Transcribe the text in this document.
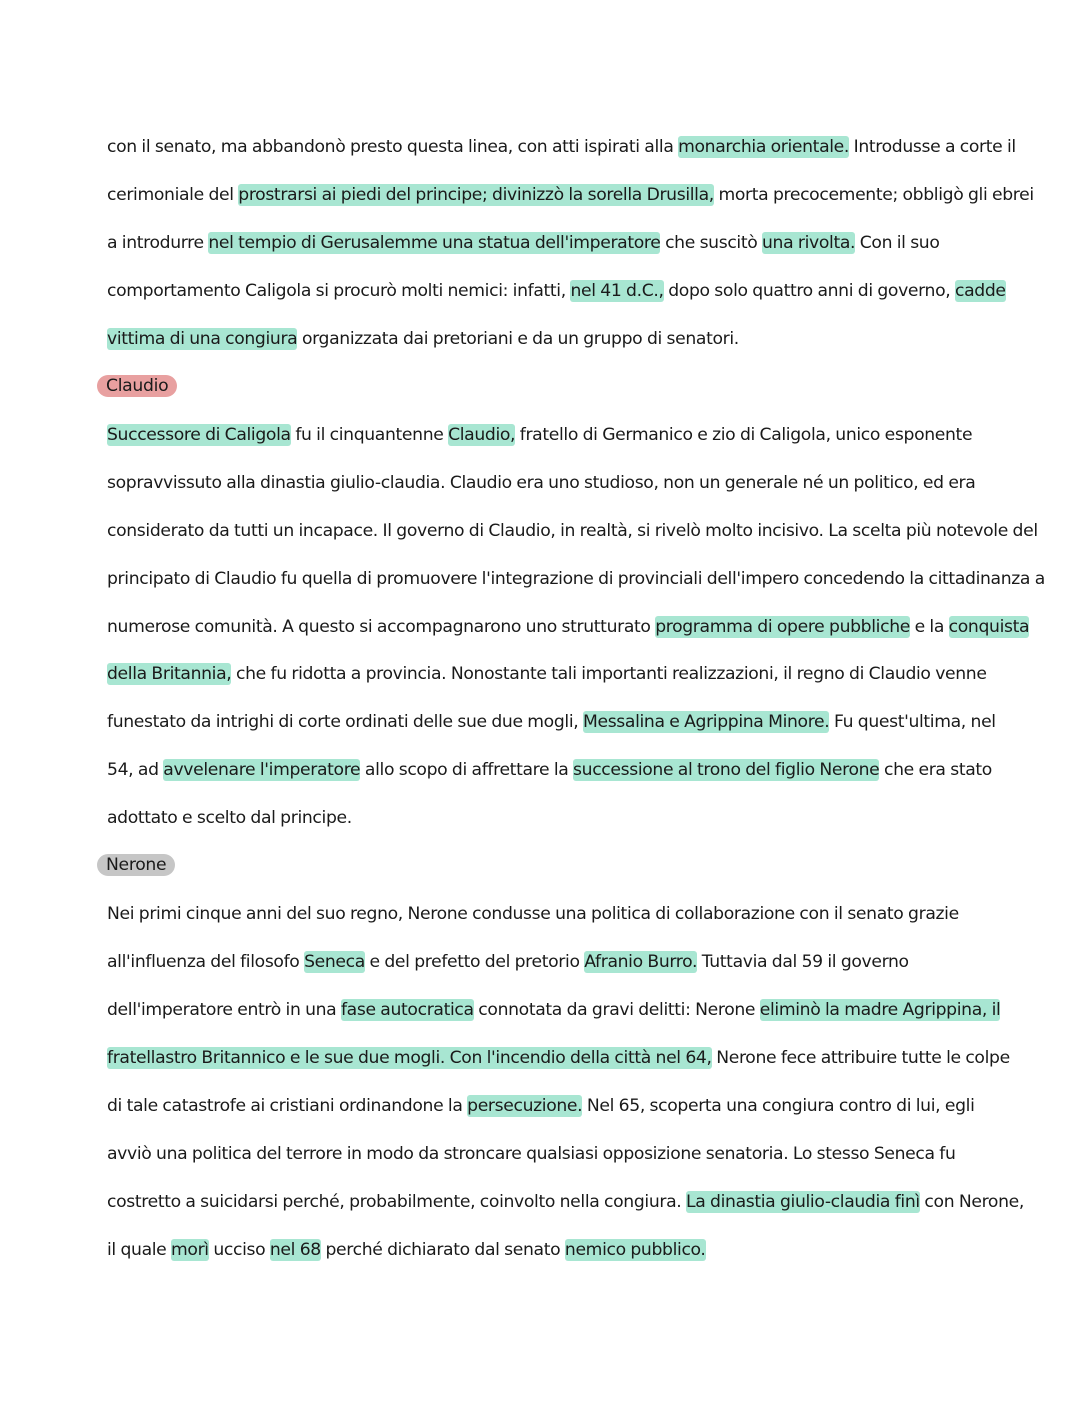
con il senato, ma abbandonò presto questa linea, con atti ispirati alla monarchia orientale. Introdusse a corte il
cerimoniale del prostrarsi ai piedi del principe; divinizzò la sorella Drusilla, morta precocemente; obbligò gli ebrei
a introdurre nel tempio di Gerusalemme una statua dell'imperatore che suscitò una rivolta. Con il suo
comportamento Caligola si procurò molti nemici: infatti, nel 41 d.C., dopo solo quattro anni di governo, cadde
vittima di una congiura organizzata dai pretoriani e da un gruppo di senatori.
Claudio
Successore di Caligola fu il cinquantenne Claudio, fratello di Germanico e zio di Caligola, unico esponente
sopravvissuto alla dinastia giulio-claudia. Claudio era uno studioso, non un generale né un politico, ed era
considerato da tutti un incapace. Il governo di Claudio, in realtà, si rivelò molto incisivo. La scelta più notevole del
principato di Claudio fu quella di promuovere l'integrazione di provinciali dell'impero concedendo la cittadinanza a
numerose comunità. A questo si accompagnarono uno strutturato programma di opere pubbliche e la conquista
della Britannia, che fu ridotta a provincia. Nonostante tali importanti realizzazioni, il regno di Claudio venne
funestato da intrighi di corte ordinati delle sue due mogli, Messalina e Agrippina Minore. Fu quest'ultima, nel
54, ad avvelenare l'imperatore allo scopo di affrettare la successione al trono del figlio Nerone che era stato
adottato e scelto dal principe.
Nerone
Nei primi cinque anni del suo regno, Nerone condusse una politica di collaborazione con il senato grazie
all'influenza del filosofo Seneca e del prefetto del pretorio Afranio Burro. Tuttavia dal 59 il governo
dell'imperatore entrò in una fase autocratica connotata da gravi delitti: Nerone eliminò la madre Agrippina, il
fratellastro Britannico e le sue due mogli. Con l'incendio della città nel 64, Nerone fece attribuire tutte le colpe
di tale catastrofe ai cristiani ordinandone la persecuzione. Nel 65, scoperta una congiura contro di lui, egli
avviò una politica del terrore in modo da stroncare qualsiasi opposizione senatoria. Lo stesso Seneca fu
costretto a suicidarsi perché, probabilmente, coinvolto nella congiura. La dinastia giulio-claudia finì con Nerone,
il quale morì ucciso nel 68 perché dichiarato dal senato nemico pubblico.
